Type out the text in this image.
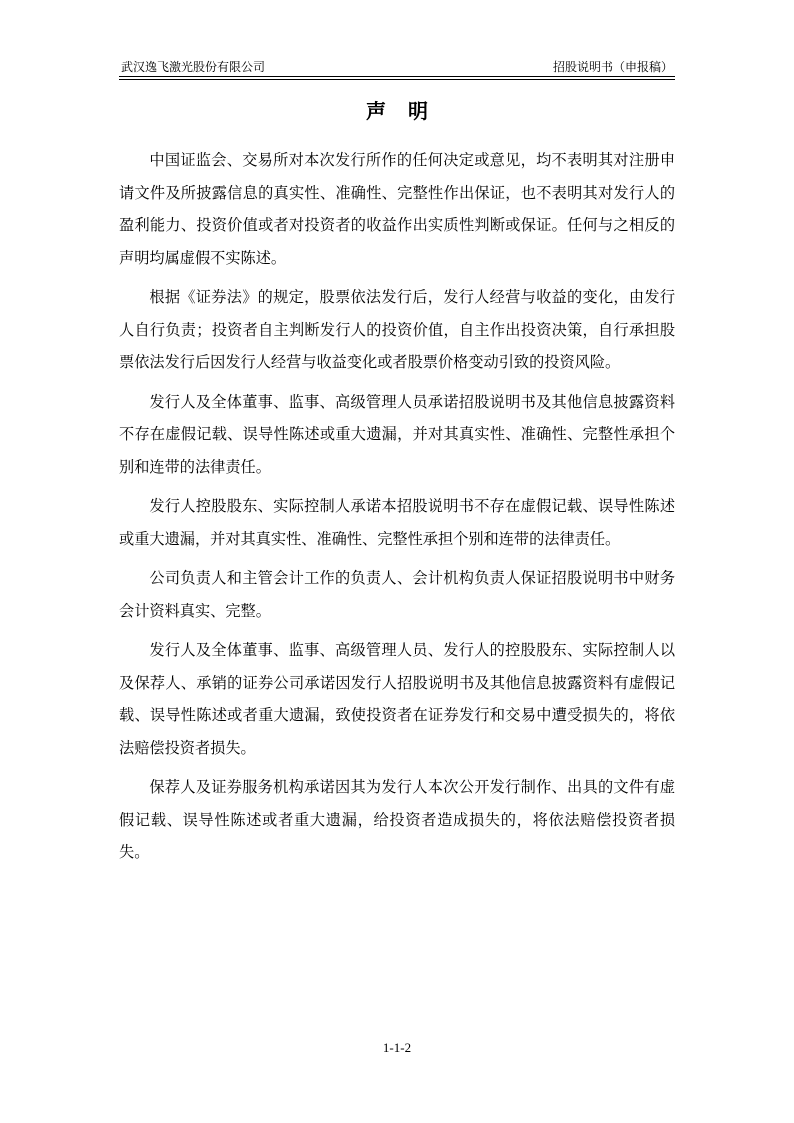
武汉逸飞激光股份有限公司	招股说明书（申报稿）
声明

中国证监会、交易所对本次发行所作的任何决定或意见，均不表明其对注册申请文件及所披露信息的真实性、准确性、完整性作出保证，也不表明其对发行人的盈利能力、投资价值或者对投资者的收益作出实质性判断或保证。任何与之相反的声明均属虚假不实陈述。

根据《证券法》的规定，股票依法发行后，发行人经营与收益的变化，由发行人自行负责；投资者自主判断发行人的投资价值，自主作出投资决策，自行承担股票依法发行后因发行人经营与收益变化或者股票价格变动引致的投资风险。

发行人及全体董事、监事、高级管理人员承诺招股说明书及其他信息披露资料不存在虚假记载、误导性陈述或重大遗漏，并对其真实性、准确性、完整性承担个别和连带的法律责任。

发行人控股股东、实际控制人承诺本招股说明书不存在虚假记载、误导性陈述或重大遗漏，并对其真实性、准确性、完整性承担个别和连带的法律责任。

公司负责人和主管会计工作的负责人、会计机构负责人保证招股说明书中财务会计资料真实、完整。

发行人及全体董事、监事、高级管理人员、发行人的控股股东、实际控制人以及保荐人、承销的证券公司承诺因发行人招股说明书及其他信息披露资料有虚假记载、误导性陈述或者重大遗漏，致使投资者在证券发行和交易中遭受损失的，将依法赔偿投资者损失。

保荐人及证券服务机构承诺因其为发行人本次公开发行制作、出具的文件有虚假记载、误导性陈述或者重大遗漏，给投资者造成损失的，将依法赔偿投资者损失。

1-1-2
